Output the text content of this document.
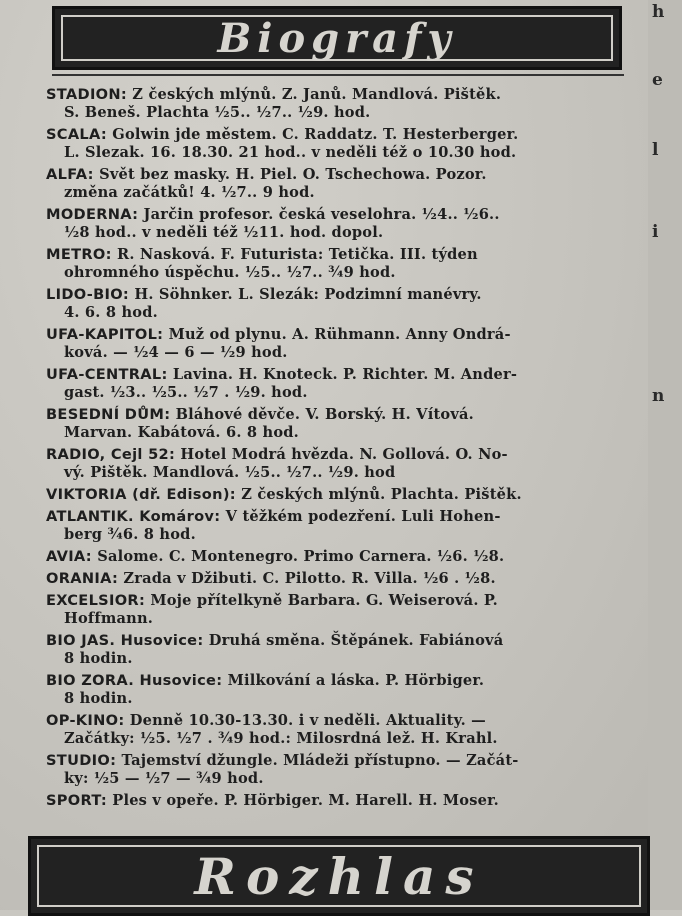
h
e
l
i
n
Biografy
STADION: Z českých mlýnů. Z. Janů. Mandlová. Pištěk.
S. Beneš. Plachta ½5.. ½7.. ½9. hod.
SCALA: Golwin jde městem. C. Raddatz. T. Hesterberger.
L. Slezak. 16. 18.30. 21 hod.. v neděli též o 10.30 hod.
ALFA: Svět bez masky. H. Piel. O. Tschechowa. Pozor.
změna začátků! 4. ½7.. 9 hod.
MODERNA: Jarčin profesor. česká veselohra. ½4.. ½6..
½8 hod.. v neděli též ½11. hod. dopol.
METRO: R. Nasková. F. Futurista: Tetička. III. týden
ohromného úspěchu. ½5.. ½7.. ¾9 hod.
LIDO-BIO: H. Söhnker. L. Slezák: Podzimní manévry.
4. 6. 8 hod.
UFA-KAPITOL: Muž od plynu. A. Rühmann. Anny Ondrá-
ková. — ½4 — 6 — ½9 hod.
UFA-CENTRAL: Lavina. H. Knoteck. P. Richter. M. Ander-
gast. ½3.. ½5.. ½7 . ½9. hod.
BESEDNÍ DŮM: Bláhové děvče. V. Borský. H. Vítová.
Marvan. Kabátová. 6. 8 hod.
RADIO, Cejl 52: Hotel Modrá hvězda. N. Gollová. O. No-
vý. Pištěk. Mandlová. ½5.. ½7.. ½9. hod
VIKTORIA (dř. Edison): Z českých mlýnů. Plachta. Pištěk.
ATLANTIK. Komárov: V těžkém podezření. Luli Hohen-
berg ¾6. 8 hod.
AVIA: Salome. C. Montenegro. Primo Carnera. ½6. ½8.
ORANIA: Zrada v Džibuti. C. Pilotto. R. Villa. ½6 . ½8.
EXCELSIOR: Moje přítelkyně Barbara. G. Weiserová. P.
Hoffmann.
BIO JAS. Husovice: Druhá směna. Štěpánek. Fabiánová
8 hodin.
BIO ZORA. Husovice: Milkování a láska. P. Hörbiger.
8 hodin.
OP-KINO: Denně 10.30-13.30. i v neděli. Aktuality. —
Začátky: ½5. ½7 . ¾9 hod.: Milosrdná lež. H. Krahl.
STUDIO: Tajemství džungle. Mládeži přístupno. — Začát-
ky: ½5 — ½7 — ¾9 hod.
SPORT: Ples v opeře. P. Hörbiger. M. Harell. H. Moser.
Rozhlas
